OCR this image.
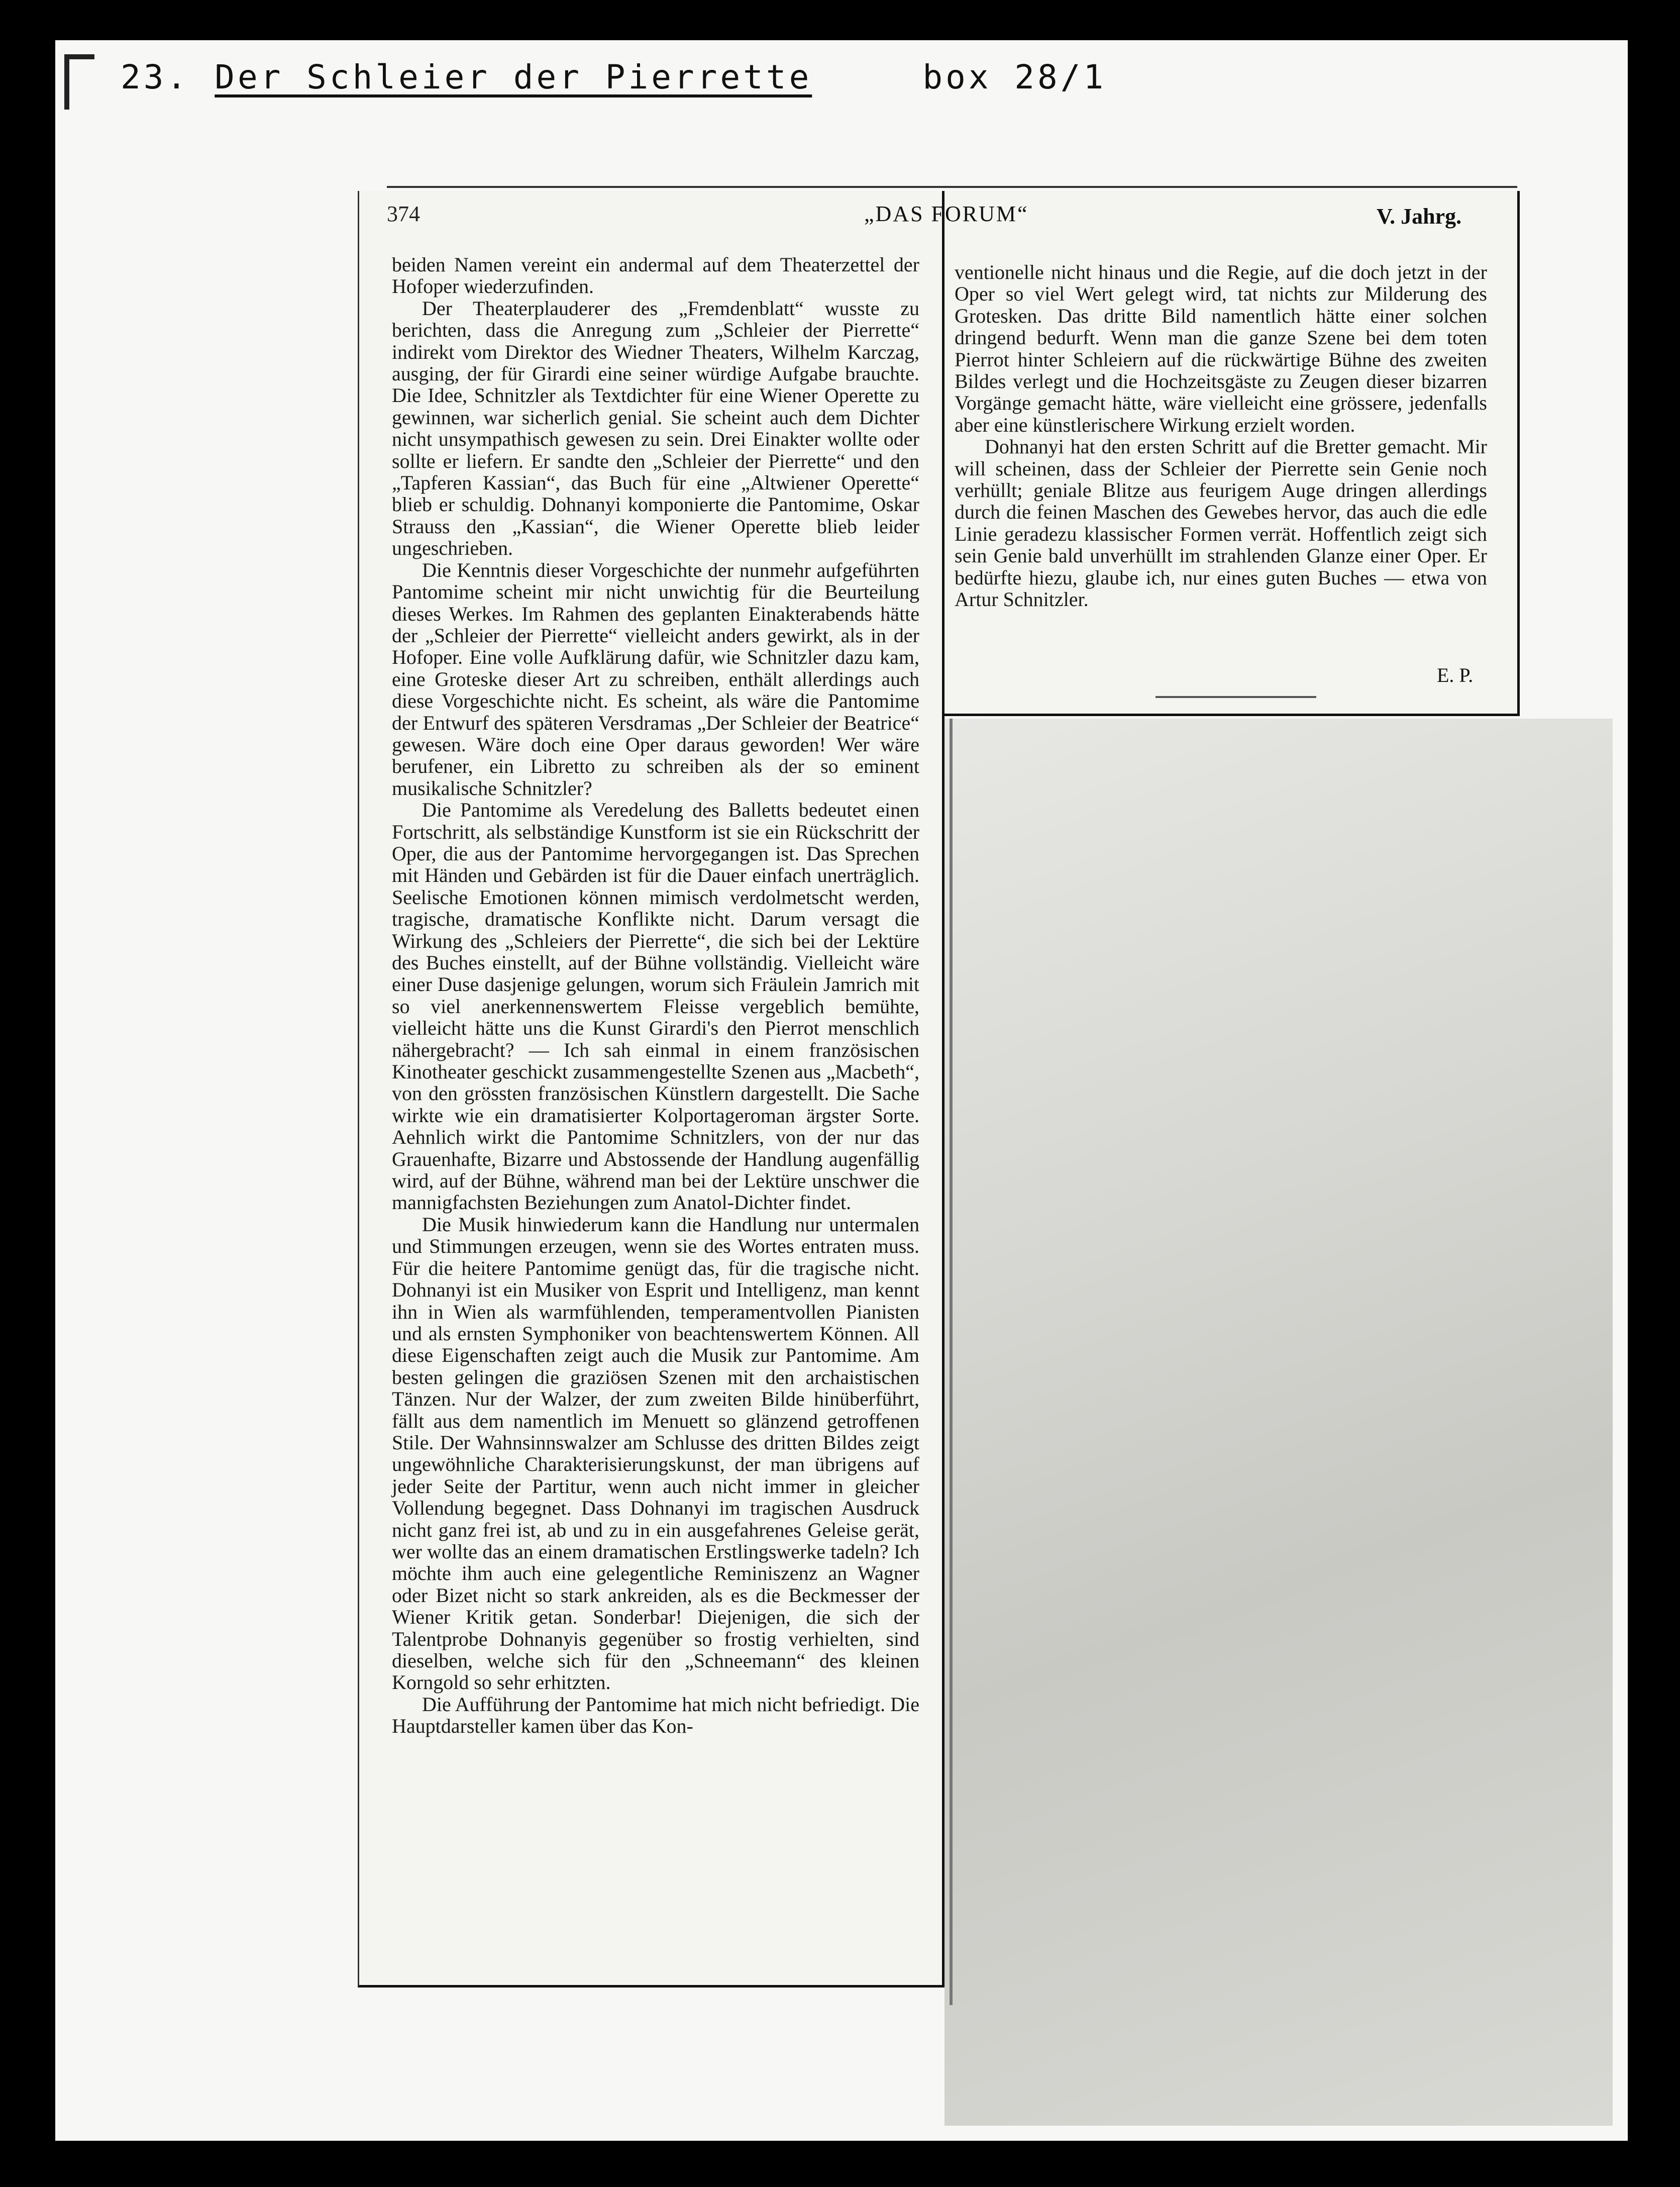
23. Der Schleier der Pierrette	box 28/1
374	„DAS FORUM“	V. Jahrg.

beiden Namen vereint ein andermal auf dem Theaterzettel der Hofoper wiederzufinden.

Der Theaterplauderer des „Fremdenblatt“ wusste zu berichten, dass die Anregung zum „Schleier der Pierrette“ indirekt vom Direktor des Wiedner Theaters, Wilhelm Karczag, ausging, der für Girardi eine seiner würdige Aufgabe brauchte. Die Idee, Schnitzler als Textdichter für eine Wiener Operette zu gewinnen, war sicherlich genial. Sie scheint auch dem Dichter nicht unsympathisch gewesen zu sein. Drei Einakter wollte oder sollte er liefern. Er sandte den „Schleier der Pierrette“ und den „Tapferen Kassian“, das Buch für eine „Altwiener Operette“ blieb er schuldig. Dohnanyi komponierte die Pantomime, Oskar Strauss den „Kassian“, die Wiener Operette blieb leider ungeschrieben.

Die Kenntnis dieser Vorgeschichte der nunmehr aufgeführten Pantomime scheint mir nicht unwichtig für die Beurteilung dieses Werkes. Im Rahmen des geplanten Einakterabends hätte der „Schleier der Pierrette“ vielleicht anders gewirkt, als in der Hofoper. Eine volle Aufklärung dafür, wie Schnitzler dazu kam, eine Groteske dieser Art zu schreiben, enthält allerdings auch diese Vorgeschichte nicht. Es scheint, als wäre die Pantomime der Entwurf des späteren Versdramas „Der Schleier der Beatrice“ gewesen. Wäre doch eine Oper daraus geworden! Wer wäre berufener, ein Libretto zu schreiben als der so eminent musikalische Schnitzler?

Die Pantomime als Veredelung des Balletts bedeutet einen Fortschritt, als selbständige Kunstform ist sie ein Rückschritt der Oper, die aus der Pantomime hervorgegangen ist. Das Sprechen mit Händen und Gebärden ist für die Dauer einfach unerträglich. Seelische Emotionen können mimisch verdolmetscht werden, tragische, dramatische Konflikte nicht. Darum versagt die Wirkung des „Schleiers der Pierrette“, die sich bei der Lektüre des Buches einstellt, auf der Bühne vollständig. Vielleicht wäre einer Duse dasjenige gelungen, worum sich Fräulein Jamrich mit so viel anerkennenswertem Fleisse vergeblich bemühte, vielleicht hätte uns die Kunst Girardi's den Pierrot menschlich nähergebracht? — Ich sah einmal in einem französischen Kinotheater geschickt zusammengestellte Szenen aus „Macbeth“, von den grössten französischen Künstlern dargestellt. Die Sache wirkte wie ein dramatisierter Kolportageroman ärgster Sorte. Aehnlich wirkt die Pantomime Schnitzlers, von der nur das Grauenhafte, Bizarre und Abstossende der Handlung augenfällig wird, auf der Bühne, während man bei der Lektüre unschwer die mannigfachsten Beziehungen zum Anatol-Dichter findet.

Die Musik hinwiederum kann die Handlung nur untermalen und Stimmungen erzeugen, wenn sie des Wortes entraten muss. Für die heitere Pantomime genügt das, für die tragische nicht. Dohnanyi ist ein Musiker von Esprit und Intelligenz, man kennt ihn in Wien als warmfühlenden, temperamentvollen Pianisten und als ernsten Symphoniker von beachtenswertem Können. All diese Eigenschaften zeigt auch die Musik zur Pantomime. Am besten gelingen die graziösen Szenen mit den archaistischen Tänzen. Nur der Walzer, der zum zweiten Bilde hinüberführt, fällt aus dem namentlich im Menuett so glänzend getroffenen Stile. Der Wahnsinnswalzer am Schlusse des dritten Bildes zeigt ungewöhnliche Charakterisierungskunst, der man übrigens auf jeder Seite der Partitur, wenn auch nicht immer in gleicher Vollendung begegnet. Dass Dohnanyi im tragischen Ausdruck nicht ganz frei ist, ab und zu in ein ausgefahrenes Geleise gerät, wer wollte das an einem dramatischen Erstlingswerke tadeln? Ich möchte ihm auch eine gelegentliche Reminiszenz an Wagner oder Bizet nicht so stark ankreiden, als es die Beckmesser der Wiener Kritik getan. Sonderbar! Diejenigen, die sich der Talentprobe Dohnanyis gegenüber so frostig verhielten, sind dieselben, welche sich für den „Schneemann“ des kleinen Korngold so sehr erhitzten.

Die Aufführung der Pantomime hat mich nicht befriedigt. Die Hauptdarsteller kamen über das Kon-

ventionelle nicht hinaus und die Regie, auf die doch jetzt in der Oper so viel Wert gelegt wird, tat nichts zur Milderung des Grotesken. Das dritte Bild namentlich hätte einer solchen dringend bedurft. Wenn man die ganze Szene bei dem toten Pierrot hinter Schleiern auf die rückwärtige Bühne des zweiten Bildes verlegt und die Hochzeitsgäste zu Zeugen dieser bizarren Vorgänge gemacht hätte, wäre vielleicht eine grössere, jedenfalls aber eine künstlerischere Wirkung erzielt worden.

Dohnanyi hat den ersten Schritt auf die Bretter gemacht. Mir will scheinen, dass der Schleier der Pierrette sein Genie noch verhüllt; geniale Blitze aus feurigem Auge dringen allerdings durch die feinen Maschen des Gewebes hervor, das auch die edle Linie geradezu klassischer Formen verrät. Hoffentlich zeigt sich sein Genie bald unverhüllt im strahlenden Glanze einer Oper. Er bedürfte hiezu, glaube ich, nur eines guten Buches — etwa von Artur Schnitzler.

E. P.
